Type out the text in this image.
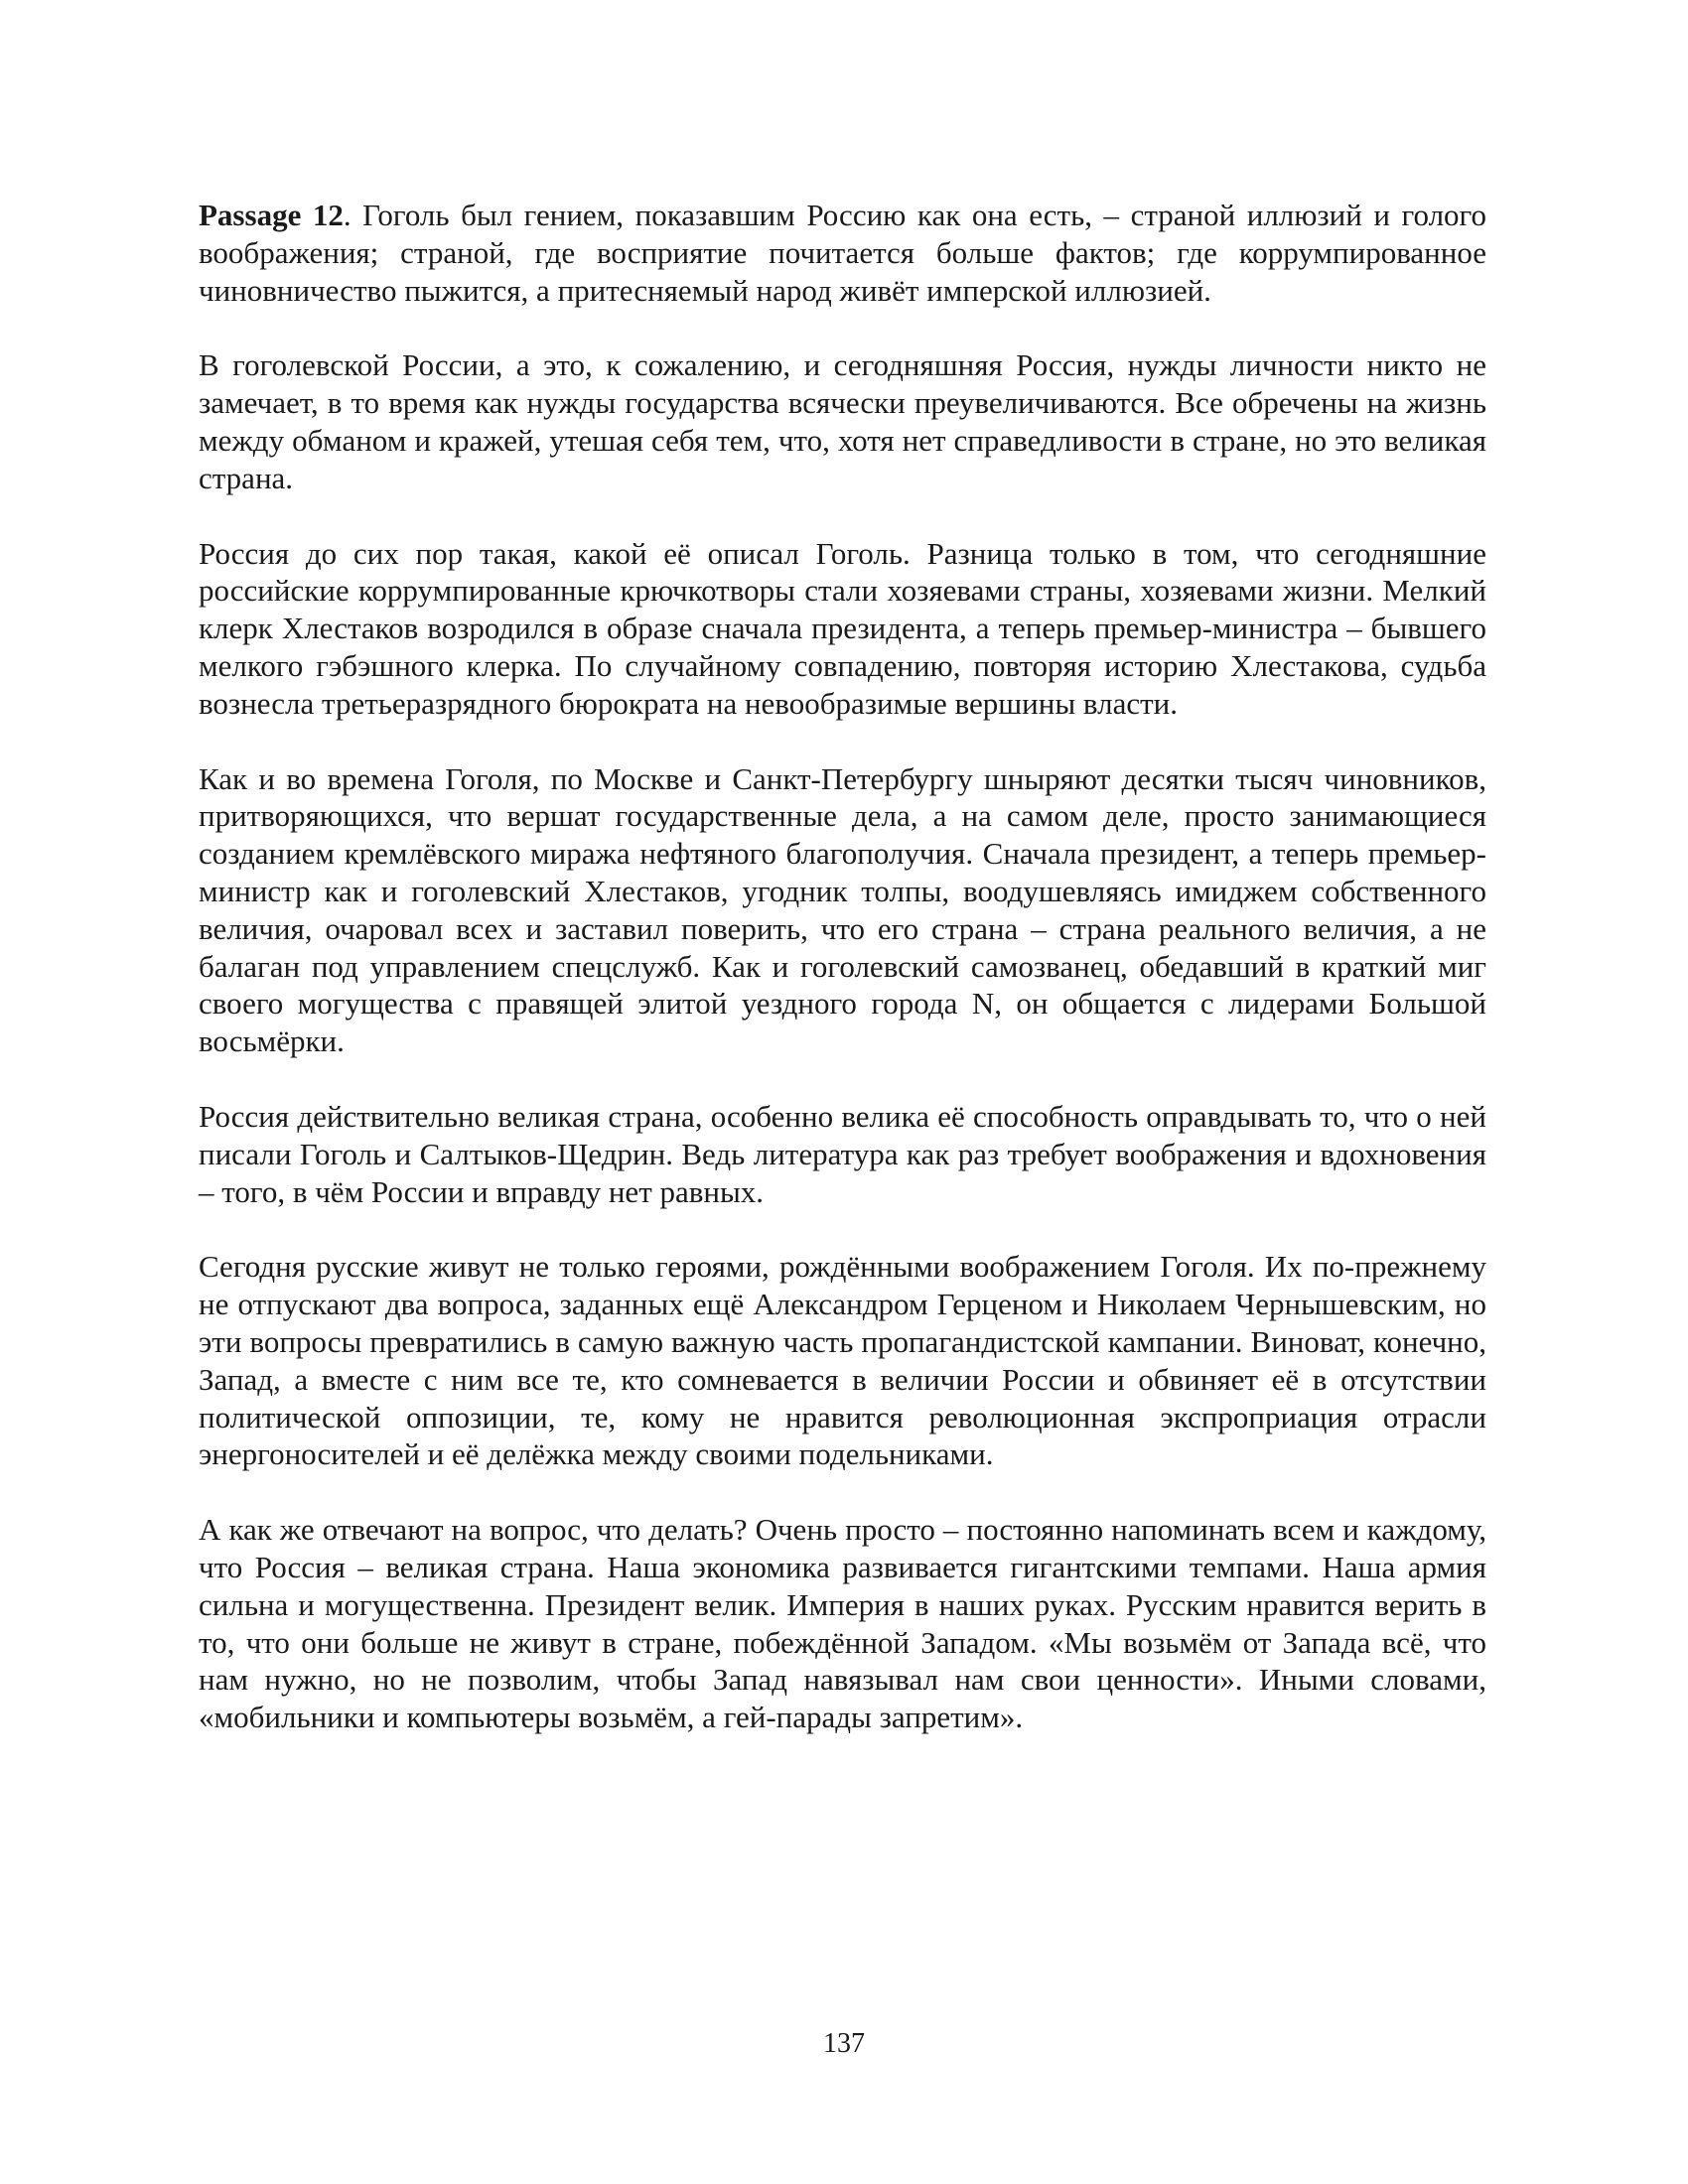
Passage 12. Гоголь был гением, показавшим Россию как она есть, – страной иллюзий и голого воображения; страной, где восприятие почитается больше фактов; где коррумпированное чиновничество пыжится, а притесняемый народ живёт имперской иллюзией.

В гоголевской России, а это, к сожалению, и сегодняшняя Россия, нужды личности никто не замечает, в то время как нужды государства всячески преувеличиваются. Все обречены на жизнь между обманом и кражей, утешая себя тем, что, хотя нет справедливости в стране, но это великая страна.

Россия до сих пор такая, какой её описал Гоголь. Разница только в том, что сегодняшние российские коррумпированные крючкотворы стали хозяевами страны, хозяевами жизни. Мелкий клерк Хлестаков возродился в образе сначала президента, а теперь премьер-министра – бывшего мелкого гэбэшного клерка. По случайному совпадению, повторяя историю Хлестакова, судьба вознесла третьеразрядного бюрократа на невообразимые вершины власти.

Как и во времена Гоголя, по Москве и Санкт-Петербургу шныряют десятки тысяч чиновников, притворяющихся, что вершат государственные дела, а на самом деле, просто занимающиеся созданием кремлёвского миража нефтяного благополучия. Сначала президент, а теперь премьер-министр как и гоголевский Хлестаков, угодник толпы, воодушевляясь имиджем собственного величия, очаровал всех и заставил поверить, что его страна – страна реального величия, а не балаган под управлением спецслужб. Как и гоголевский самозванец, обедавший в краткий миг своего могущества с правящей элитой уездного города N, он общается с лидерами Большой восьмёрки.

Россия действительно великая страна, особенно велика её способность оправдывать то, что о ней писали Гоголь и Салтыков-Щедрин. Ведь литература как раз требует воображения и вдохновения – того, в чём России и вправду нет равных.

Сегодня русские живут не только героями, рождёнными воображением Гоголя. Их по-прежнему не отпускают два вопроса, заданных ещё Александром Герценом и Николаем Чернышевским, но эти вопросы превратились в самую важную часть пропагандистской кампании. Виноват, конечно, Запад, а вместе с ним все те, кто сомневается в величии России и обвиняет её в отсутствии политической оппозиции, те, кому не нравится революционная экспроприация отрасли энергоносителей и её делёжка между своими подельниками.

А как же отвечают на вопрос, что делать? Очень просто – постоянно напоминать всем и каждому, что Россия – великая страна. Наша экономика развивается гигантскими темпами. Наша армия сильна и могущественна. Президент велик. Империя в наших руках. Русским нравится верить в то, что они больше не живут в стране, побеждённой Западом. «Мы возьмём от Запада всё, что нам нужно, но не позволим, чтобы Запад навязывал нам свои ценности». Иными словами, «мобильники и компьютеры возьмём, а гей-парады запретим».

137
